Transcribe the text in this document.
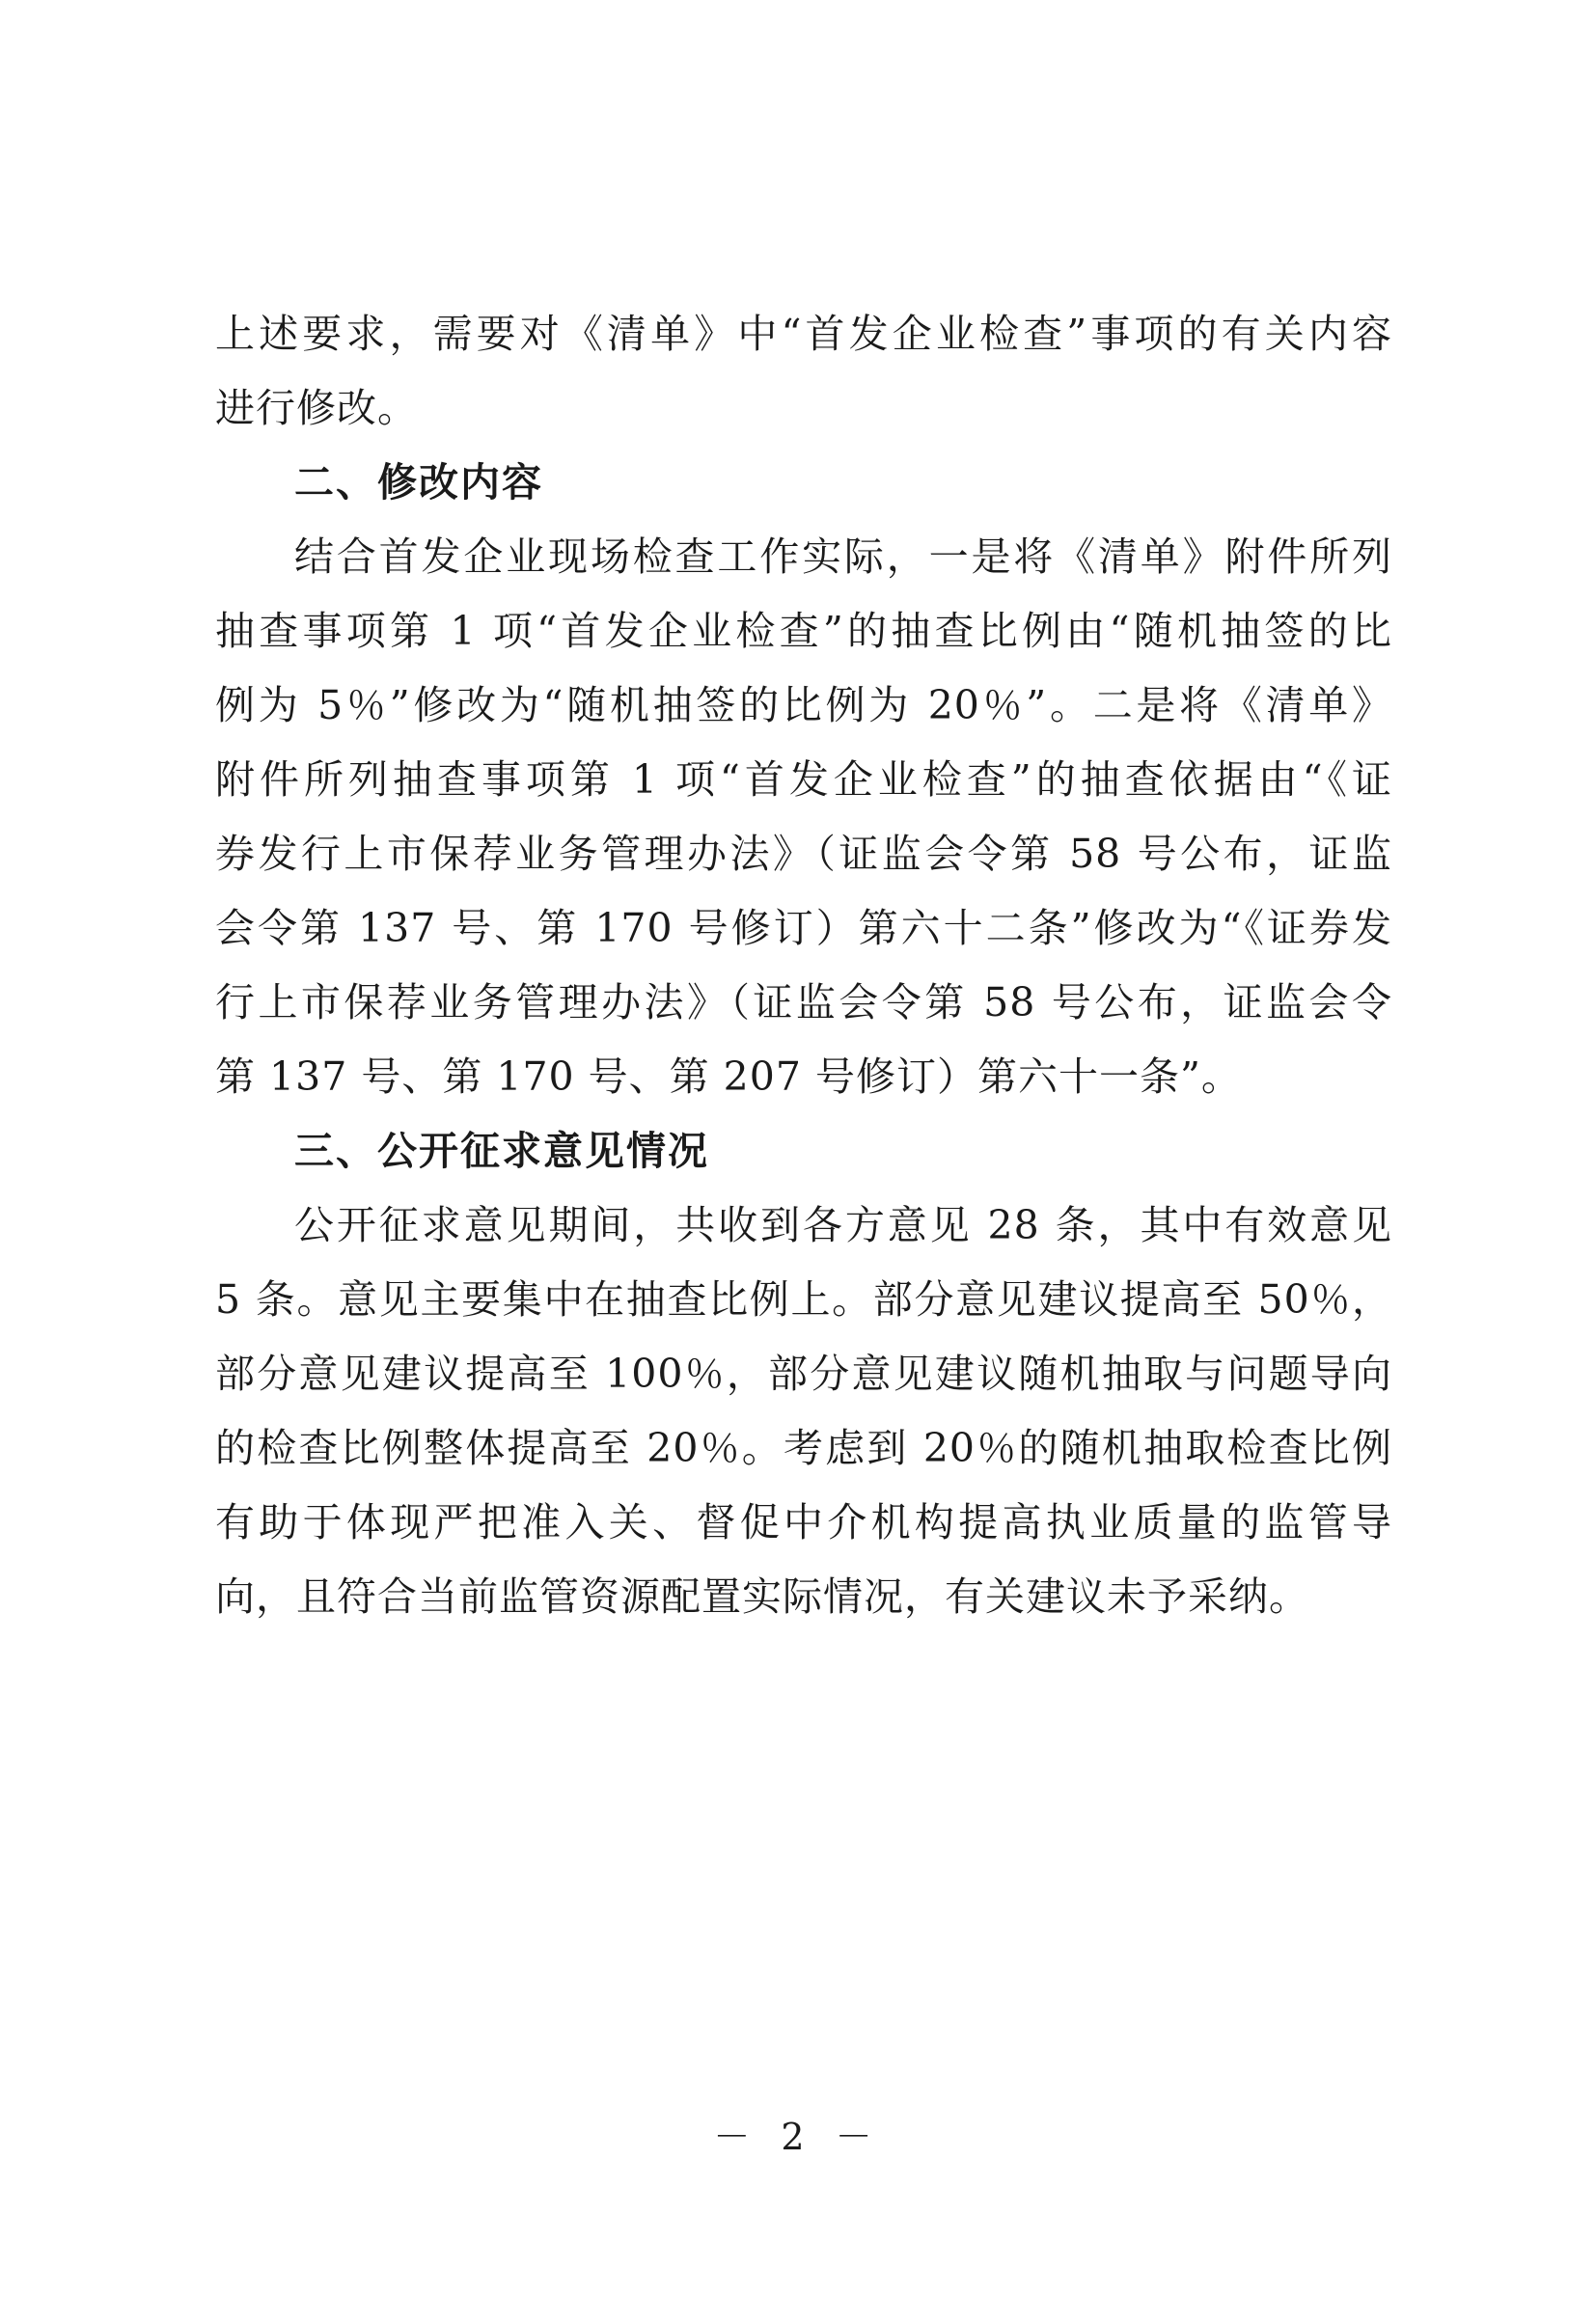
上述要求，需要对《清单》中“首发企业检查”事项的有关内容
进行修改。
二、修改内容
结合首发企业现场检查工作实际，一是将《清单》附件所列
抽查事项第 1 项“首发企业检查”的抽查比例由“随机抽签的比
例为 5％”修改为“随机抽签的比例为 20％”。二是将《清单》
附件所列抽查事项第 1 项“首发企业检查”的抽查依据由“《证
券发行上市保荐业务管理办法》（证监会令第 58 号公布，证监
会令第 137 号、第 170 号修订）第六十二条”修改为“《证券发
行上市保荐业务管理办法》（证监会令第 58 号公布，证监会令
第 137 号、第 170 号、第 207 号修订）第六十一条”。
三、公开征求意见情况
公开征求意见期间，共收到各方意见 28 条，其中有效意见
5 条。意见主要集中在抽查比例上。部分意见建议提高至 50％，
部分意见建议提高至 100％，部分意见建议随机抽取与问题导向
的检查比例整体提高至 20％。考虑到 20％的随机抽取检查比例
有助于体现严把准入关、督促中介机构提高执业质量的监管导
向，且符合当前监管资源配置实际情况，有关建议未予采纳。
－ 2 －
